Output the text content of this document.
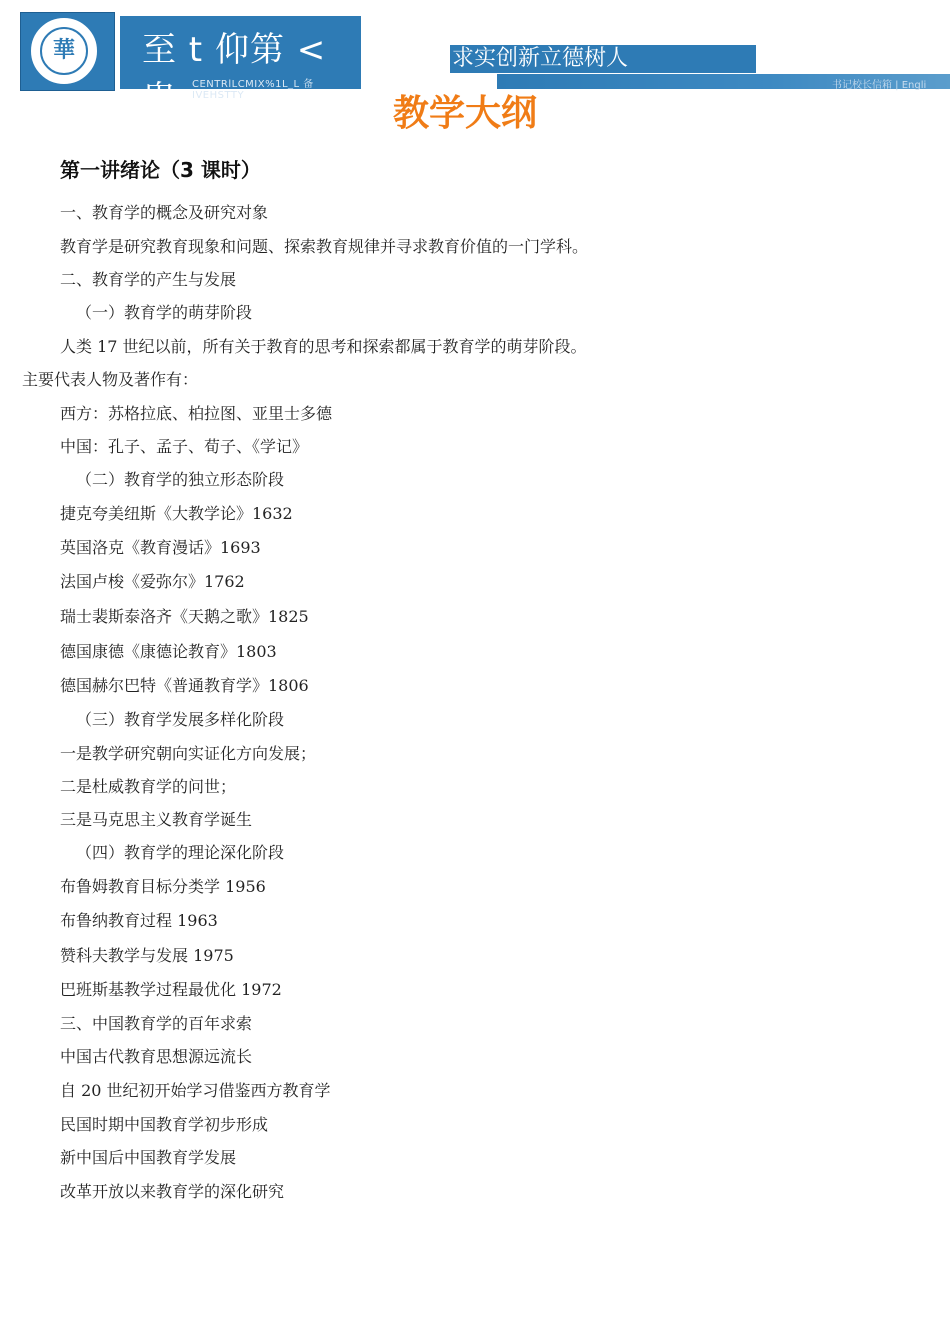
華	至 t 仰第 < 卑	CENTRlLCMIX%1L_L 备 IVEHSTTY
求实创新立德树人
书记校长信箱 | Engli
教学大纲
第一讲绪论（3 课时）
一、教育学的概念及研究对象
教育学是研究教育现象和问题、探索教育规律并寻求教育价值的一门学科。
二、教育学的产生与发展
（一）教育学的萌芽阶段
人类 17 世纪以前，所有关于教育的思考和探索都属于教育学的萌芽阶段。
主要代表人物及著作有：
西方：苏格拉底、柏拉图、亚里士多德
中国：孔子、孟子、荀子、《学记》
（二）教育学的独立形态阶段
捷克夸美纽斯《大教学论》1632
英国洛克《教育漫话》1693
法国卢梭《爱弥尔》1762
瑞士裴斯泰洛齐《天鹅之歌》1825
德国康德《康德论教育》1803
德国赫尔巴特《普通教育学》1806
（三）教育学发展多样化阶段
一是教学研究朝向实证化方向发展；
二是杜威教育学的问世；
三是马克思主义教育学诞生
（四）教育学的理论深化阶段
布鲁姆教育目标分类学 1956
布鲁纳教育过程 1963
赞科夫教学与发展 1975
巴班斯基教学过程最优化 1972
三、中国教育学的百年求索
中国古代教育思想源远流长
自 20 世纪初开始学习借鉴西方教育学
民国时期中国教育学初步形成
新中国后中国教育学发展
改革开放以来教育学的深化研究
